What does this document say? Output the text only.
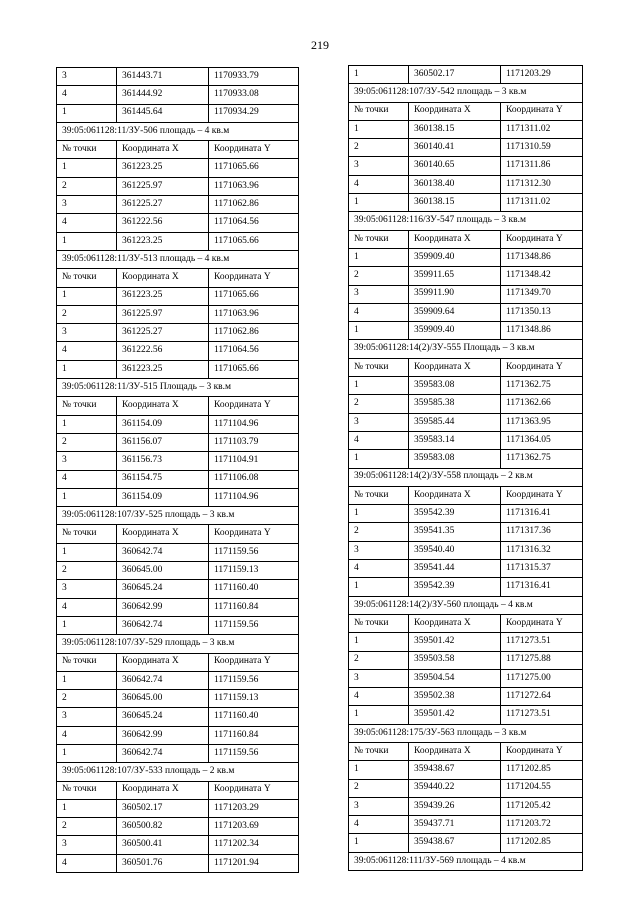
219
3	361443.71	1170933.79
4	361444.92	1170933.08
1	361445.64	1170934.29
39:05:061128:11/ЗУ-506 площадь – 4 кв.м		
№ точки	Координата X	Координата Y
1	361223.25	1171065.66
2	361225.97	1171063.96
3	361225.27	1171062.86
4	361222.56	1171064.56
1	361223.25	1171065.66
39:05:061128:11/ЗУ-513 площадь – 4 кв.м		
№ точки	Координата X	Координата Y
1	361223.25	1171065.66
2	361225.97	1171063.96
3	361225.27	1171062.86
4	361222.56	1171064.56
1	361223.25	1171065.66
39:05:061128:11/ЗУ-515 Площадь – 3 кв.м		
№ точки	Координата X	Координата Y
1	361154.09	1171104.96
2	361156.07	1171103.79
3	361156.73	1171104.91
4	361154.75	1171106.08
1	361154.09	1171104.96
39:05:061128:107/ЗУ-525 площадь – 3 кв.м		
№ точки	Координата X	Координата Y
1	360642.74	1171159.56
2	360645.00	1171159.13
3	360645.24	1171160.40
4	360642.99	1171160.84
1	360642.74	1171159.56
39:05:061128:107/ЗУ-529 площадь – 3 кв.м		
№ точки	Координата X	Координата Y
1	360642.74	1171159.56
2	360645.00	1171159.13
3	360645.24	1171160.40
4	360642.99	1171160.84
1	360642.74	1171159.56
39:05:061128:107/ЗУ-533 площадь – 2 кв.м		
№ точки	Координата X	Координата Y
1	360502.17	1171203.29
2	360500.82	1171203.69
3	360500.41	1171202.34
4	360501.76	1171201.94
1	360502.17	1171203.29
39:05:061128:107/ЗУ-542 площадь – 3 кв.м		
№ точки	Координата X	Координата Y
1	360138.15	1171311.02
2	360140.41	1171310.59
3	360140.65	1171311.86
4	360138.40	1171312.30
1	360138.15	1171311.02
39:05:061128:116/ЗУ-547 площадь – 3 кв.м		
№ точки	Координата X	Координата Y
1	359909.40	1171348.86
2	359911.65	1171348.42
3	359911.90	1171349.70
4	359909.64	1171350.13
1	359909.40	1171348.86
39:05:061128:14(2)/ЗУ-555 Площадь – 3 кв.м		
№ точки	Координата X	Координата Y
1	359583.08	1171362.75
2	359585.38	1171362.66
3	359585.44	1171363.95
4	359583.14	1171364.05
1	359583.08	1171362.75
39:05:061128:14(2)/ЗУ-558 площадь – 2 кв.м		
№ точки	Координата X	Координата Y
1	359542.39	1171316.41
2	359541.35	1171317.36
3	359540.40	1171316.32
4	359541.44	1171315.37
1	359542.39	1171316.41
39:05:061128:14(2)/ЗУ-560 площадь – 4 кв.м		
№ точки	Координата X	Координата Y
1	359501.42	1171273.51
2	359503.58	1171275.88
3	359504.54	1171275.00
4	359502.38	1171272.64
1	359501.42	1171273.51
39:05:061128:175/ЗУ-563 площадь – 3 кв.м		
№ точки	Координата X	Координата Y
1	359438.67	1171202.85
2	359440.22	1171204.55
3	359439.26	1171205.42
4	359437.71	1171203.72
1	359438.67	1171202.85
39:05:061128:111/ЗУ-569 площадь – 4 кв.м		
